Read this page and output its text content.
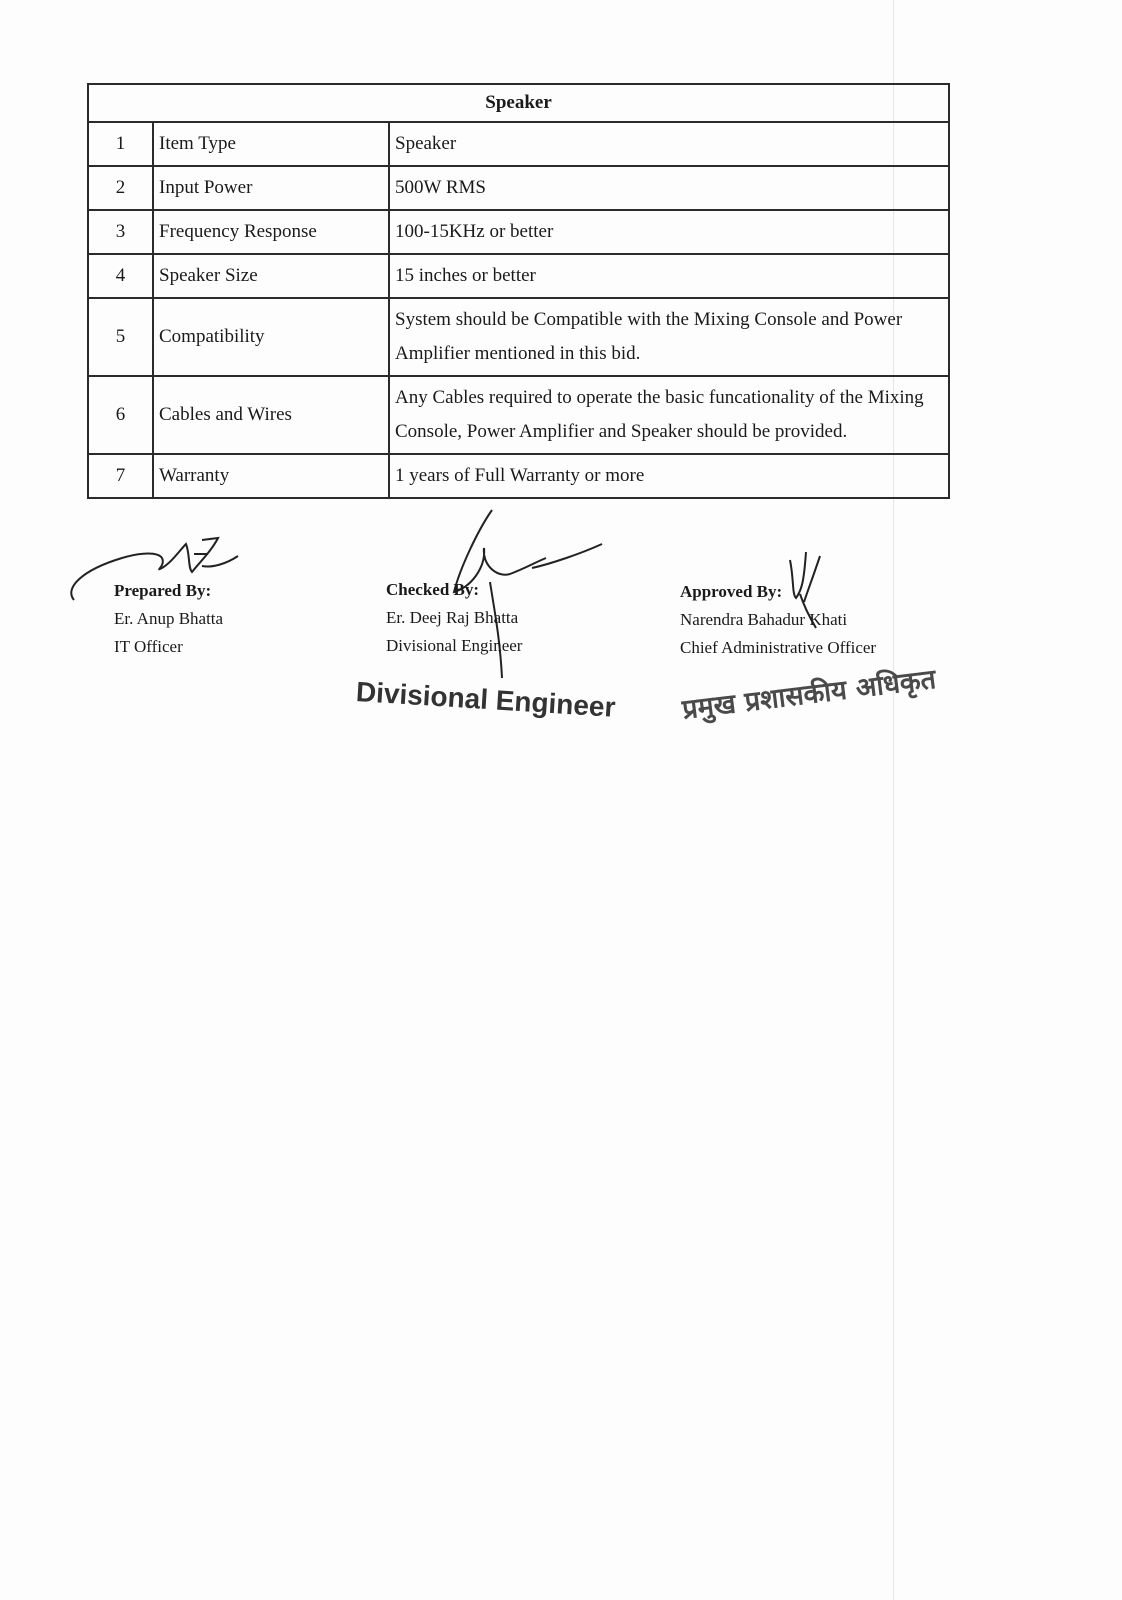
Speaker		
1	Item Type	Speaker
2	Input Power	500W RMS
3	Frequency Response	100-15KHz or better
4	Speaker Size	15 inches or better
5	Compatibility	System should be Compatible with the Mixing Console and Power Amplifier mentioned in this bid.
6	Cables and Wires	Any Cables required to operate the basic funcationality of the Mixing Console, Power Amplifier and Speaker should be provided.
7	Warranty	1 years of Full Warranty or more
Prepared By:
Er. Anup Bhatta
IT Officer
Checked By:
Er. Deej Raj Bhatta
Divisional Engineer
Approved By:
Narendra Bahadur Khati
Chief Administrative Officer
Divisional Engineer प्रमुख प्रशासकीय अधिकृत
